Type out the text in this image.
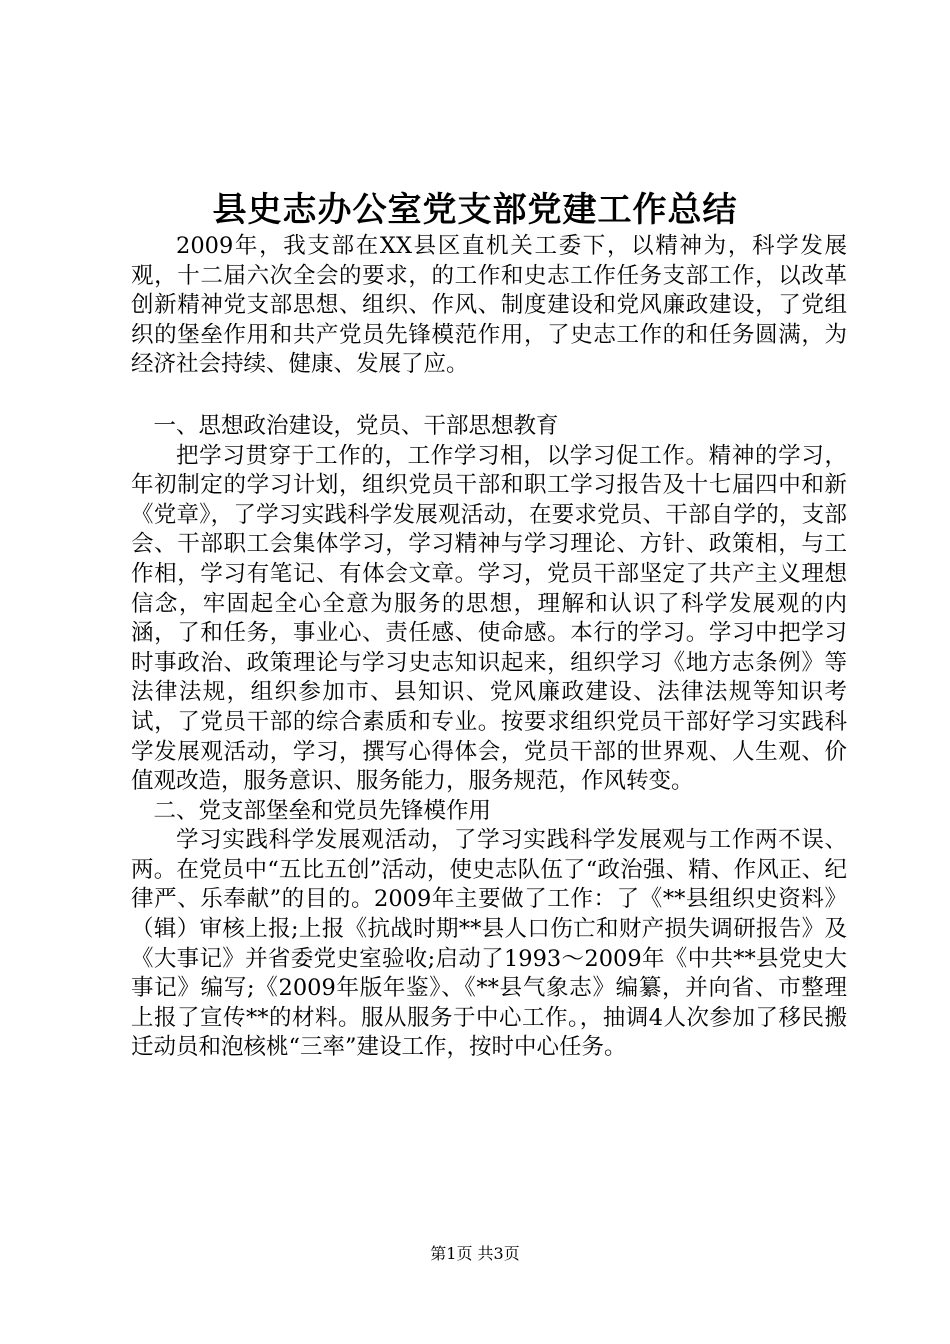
县史志办公室党支部党建工作总结

2009年，我支部在XX县区直机关工委下，以精神为，科学发展观，十二届六次全会的要求，的工作和史志工作任务支部工作，以改革创新精神党支部思想、组织、作风、制度建设和党风廉政建设，了党组织的堡垒作用和共产党员先锋模范作用，了史志工作的和任务圆满，为经济社会持续、健康、发展了应。

一、思想政治建设，党员、干部思想教育

把学习贯穿于工作的，工作学习相，以学习促工作。精神的学习，年初制定的学习计划，组织党员干部和职工学习报告及十七届四中和新《党章》，了学习实践科学发展观活动，在要求党员、干部自学的，支部会、干部职工会集体学习，学习精神与学习理论、方针、政策相，与工作相，学习有笔记、有体会文章。学习，党员干部坚定了共产主义理想信念，牢固起全心全意为服务的思想，理解和认识了科学发展观的内涵，了和任务，事业心、责任感、使命感。本行的学习。学习中把学习时事政治、政策理论与学习史志知识起来，组织学习《地方志条例》等法律法规，组织参加市、县知识、党风廉政建设、法律法规等知识考试，了党员干部的综合素质和专业。按要求组织党员干部好学习实践科学发展观活动，学习，撰写心得体会，党员干部的世界观、人生观、价值观改造，服务意识、服务能力，服务规范，作风转变。

二、党支部堡垒和党员先锋模作用

学习实践科学发展观活动，了学习实践科学发展观与工作两不误、两。在党员中“五比五创”活动，使史志队伍了“政治强、精、作风正、纪律严、乐奉献”的目的。2009年主要做了工作：了《**县组织史资料》（辑）审核上报;上报《抗战时期**县人口伤亡和财产损失调研报告》及《大事记》并省委党史室验收;启动了1993～2009年《中共**县党史大事记》编写;《2009年版年鉴》、《**县气象志》编纂，并向省、市整理上报了宣传**的材料。服从服务于中心工作。，抽调4人次参加了移民搬迁动员和泡核桃“三率”建设工作，按时中心任务。

第1页 共3页
